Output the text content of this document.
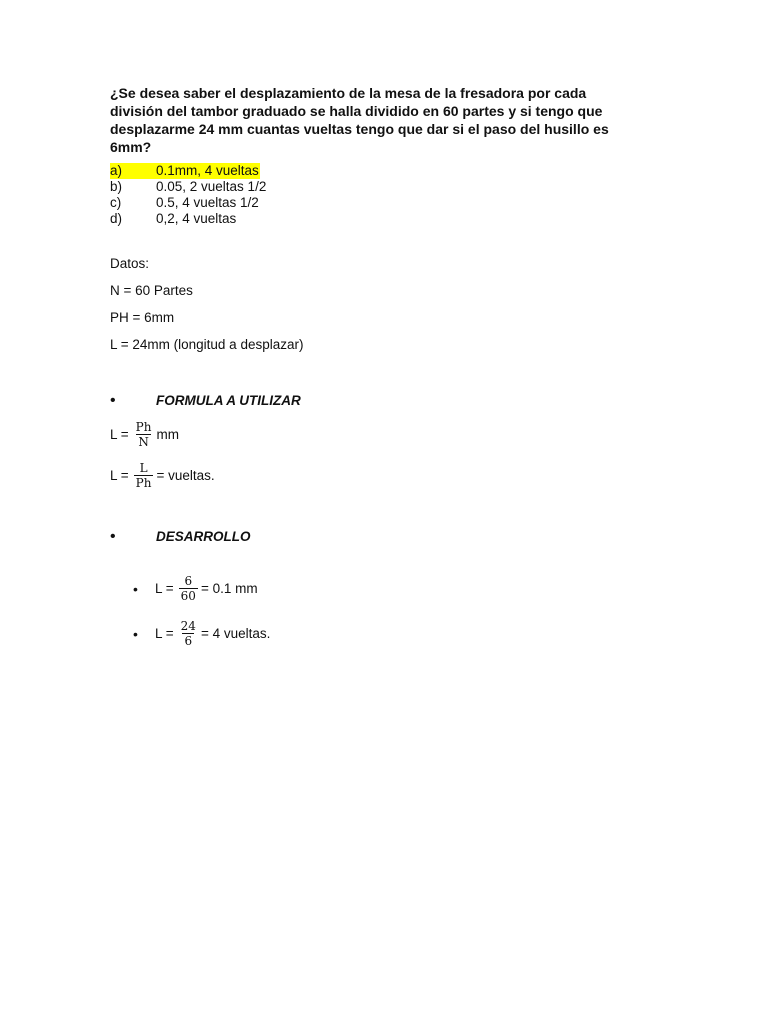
¿Se desea saber el desplazamiento de la mesa de la fresadora por cada división del tambor graduado se halla dividido en 60 partes y si tengo que desplazarme 24 mm cuantas vueltas tengo que dar si el paso del husillo es 6mm?
a)	0.1mm, 4 vueltas
b)	0.05, 2 vueltas 1/2
c)	0.5, 4 vueltas 1/2
d)	0,2, 4 vueltas
Datos:
N = 60 Partes
PH = 6mm
L = 24mm (longitud a desplazar)
•	FORMULA A UTILIZAR
$L = \frac{Ph}{N}$ mm
$L = \frac{L}{Ph}$ = vueltas.
•	DESARROLLO
•	$L = \frac{6}{60} = 0.1$ mm
•	$L = \frac{24}{6} = 4$ vueltas.
